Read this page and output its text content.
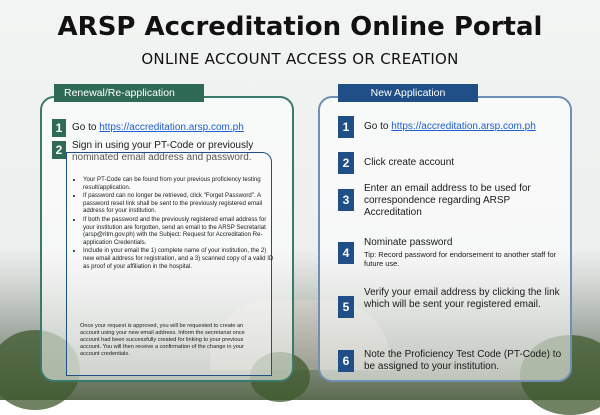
ARSP Accreditation Online Portal
ONLINE ACCOUNT ACCESS OR CREATION
Renewal/Re-application
1 Go to https://accreditation.arsp.com.ph
2 Sign in using your PT-Code or previously nominated email address and password.
• Your PT-Code can be found from your previous proficiency testing result/application.
• If password can no longer be retrieved, click "Forget Password". A password reset link shall be sent to the previously registered email address for your institution.
• If both the password and the previously registered email address for your institution are forgotten, send an email to the ARSP Secretariat (arsp@ritm.gov.ph) with the Subject: Request for Accreditation Re-application Credentials.
• Include in your email the 1) complete name of your institution, the 2) new email address for registration, and a 3) scanned copy of a valid ID as proof of your affiliation in the hospital.
Once your request is approved, you will be requested to create an account using your new email address. Inform the secretariat once account had been successfully created for linking to your previous account. You will then receive a confirmation of the change in your account credentials.
New Application
1	Go to https://accreditation.arsp.com.ph
2	Click create account
3
Enter an email address to be used for correspondence regarding ARSP Accreditation
4
Nominate password
Tip: Record password for endorsement to another staff for future use.
5
Verify your email address by clicking the link which will be sent your registered email.
6	Note the Proficiency Test Code (PT-Code) to be assigned to your institution.
